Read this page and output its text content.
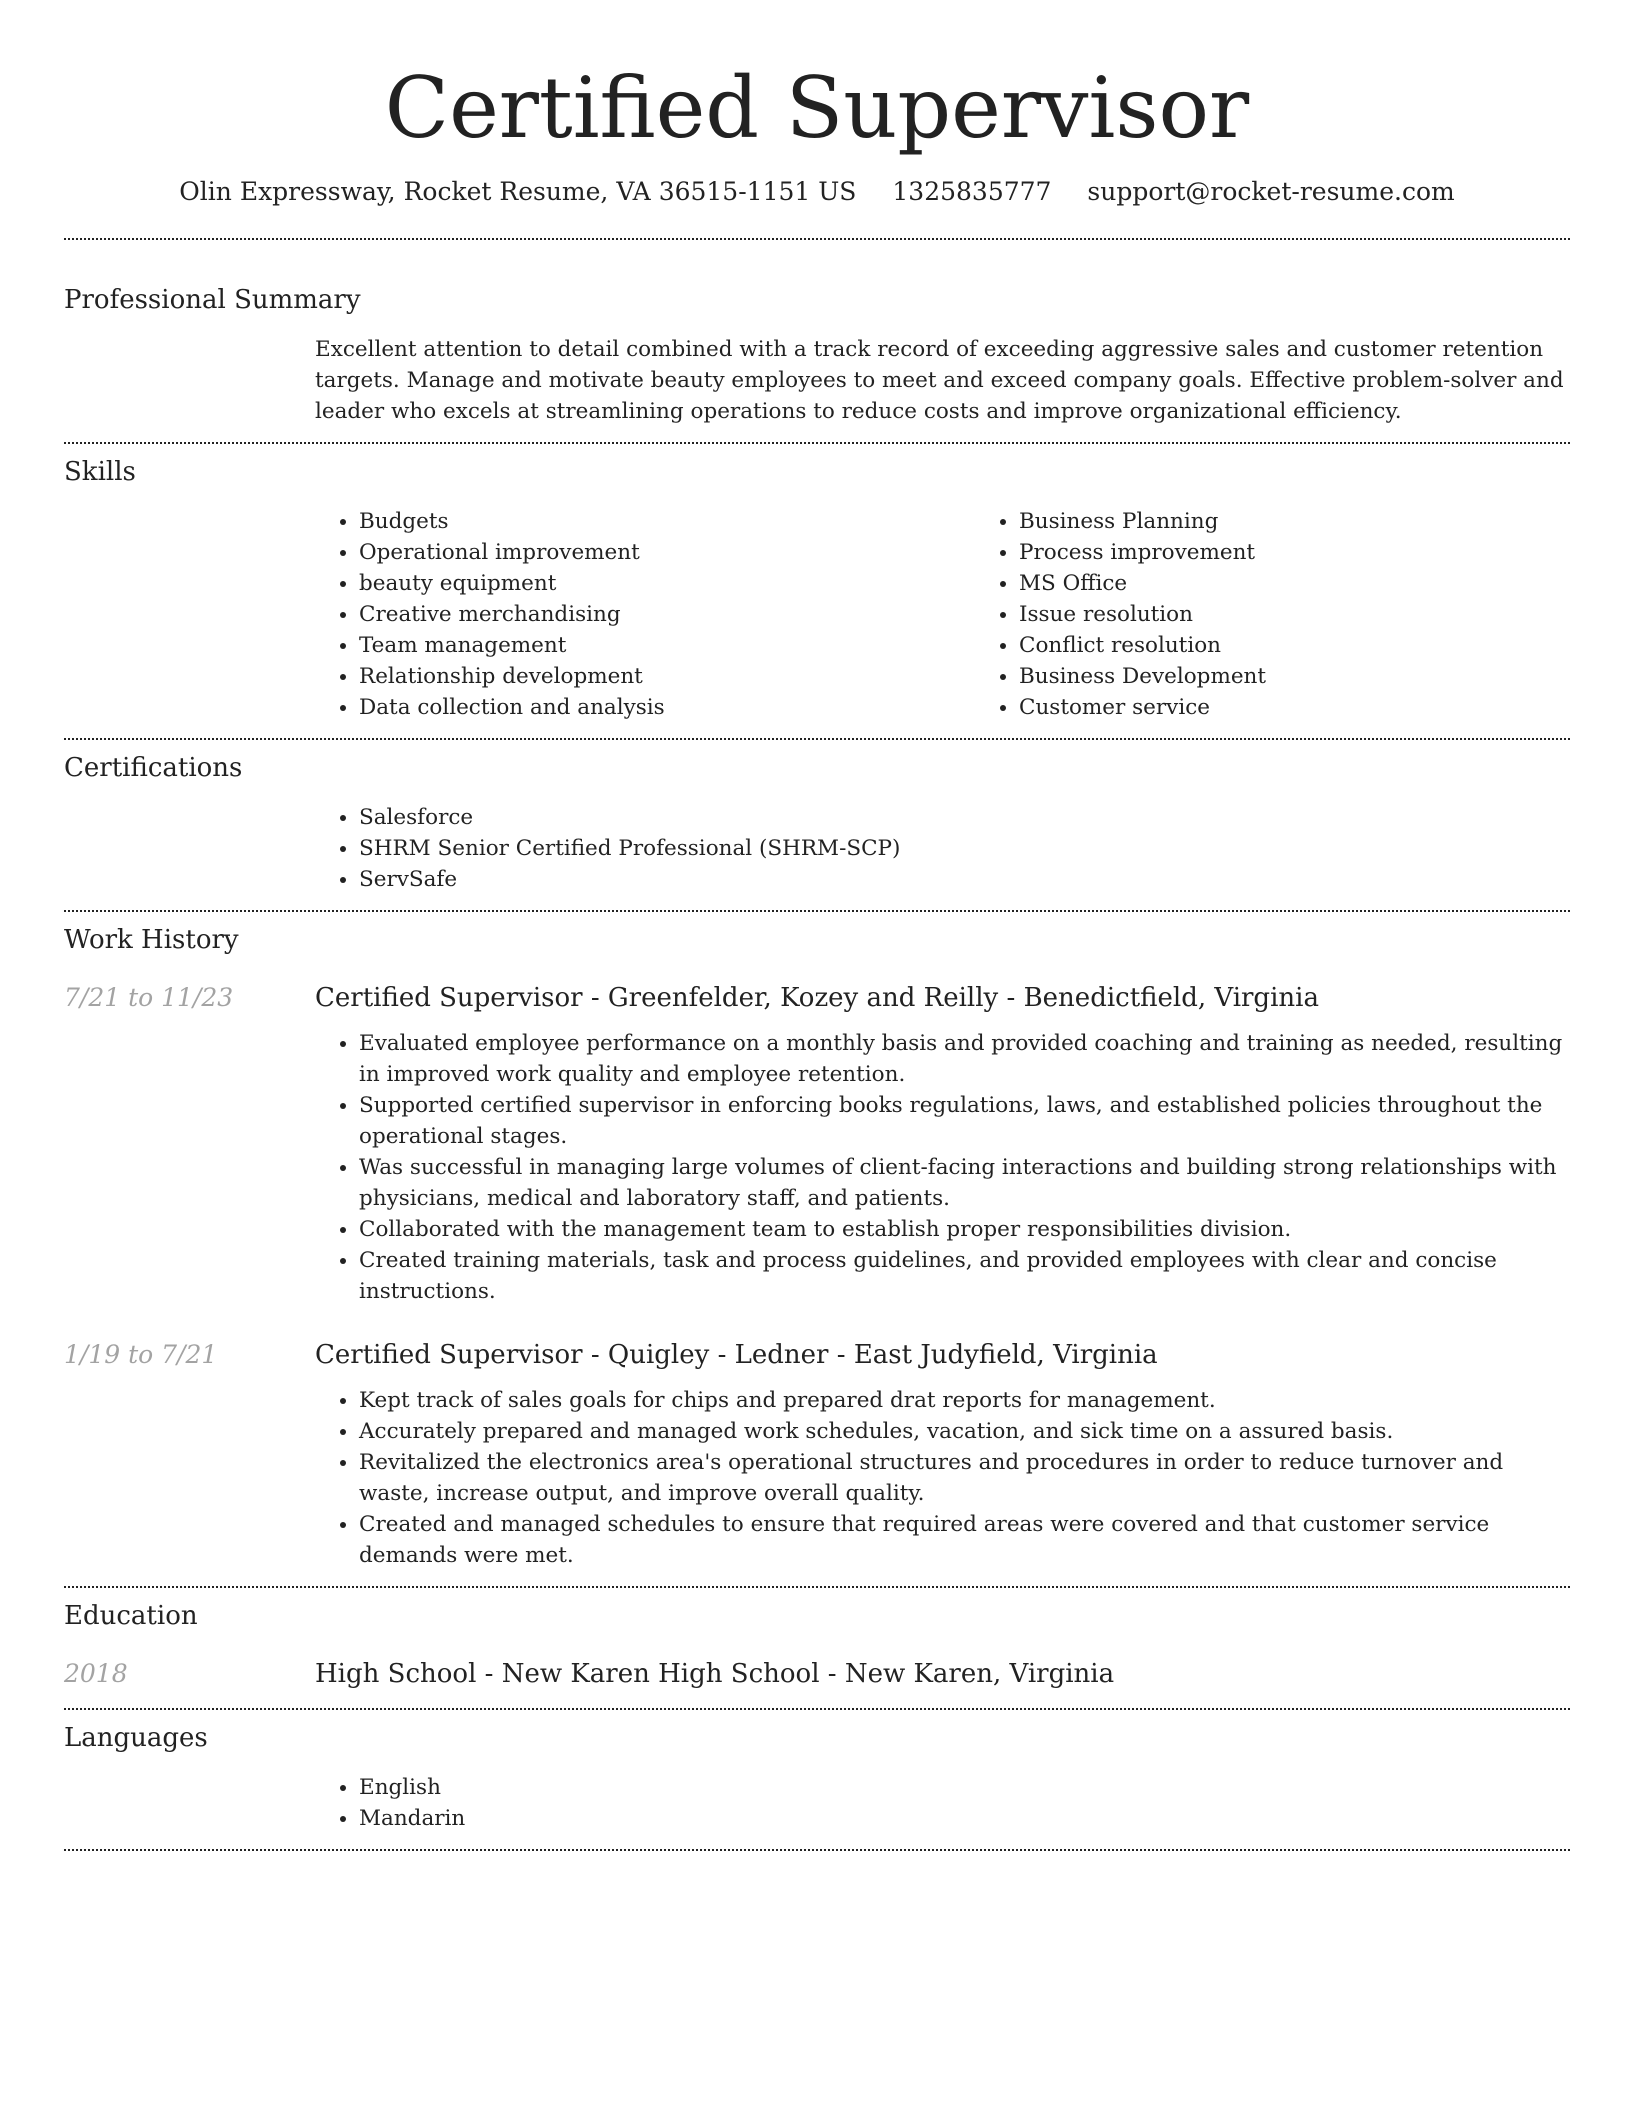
Certified Supervisor
Olin Expressway, Rocket Resume, VA 36515-1151 US 1325835777 support@rocket-resume.com
Professional Summary

Excellent attention to detail combined with a track record of exceeding aggressive sales and customer retention targets. Manage and motivate beauty employees to meet and exceed company goals. Effective problem-solver and leader who excels at streamlining operations to reduce costs and improve organizational efficiency.

Skills
• Budgets
• Operational improvement
• beauty equipment
• Creative merchandising
• Team management
• Relationship development
• Data collection and analysis
• Business Planning
• Process improvement
• MS Office
• Issue resolution
• Conflict resolution
• Business Development
• Customer service
Certifications
• Salesforce
• SHRM Senior Certified Professional (SHRM-SCP)
• ServSafe
Work History
7/21 to 11/23	Certified Supervisor - Greenfelder, Kozey and Reilly - Benedictfield, Virginia
• Evaluated employee performance on a monthly basis and provided coaching and training as needed, resulting in improved work quality and employee retention.
• Supported certified supervisor in enforcing books regulations, laws, and established policies throughout the operational stages.
• Was successful in managing large volumes of client-facing interactions and building strong relationships with physicians, medical and laboratory staff, and patients.
• Collaborated with the management team to establish proper responsibilities division.
• Created training materials, task and process guidelines, and provided employees with clear and concise instructions.
1/19 to 7/21	Certified Supervisor - Quigley - Ledner - East Judyfield, Virginia
• Kept track of sales goals for chips and prepared drat reports for management.
• Accurately prepared and managed work schedules, vacation, and sick time on a assured basis.
• Revitalized the electronics area's operational structures and procedures in order to reduce turnover and waste, increase output, and improve overall quality.
• Created and managed schedules to ensure that required areas were covered and that customer service demands were met.
Education
2018	High School - New Karen High School - New Karen, Virginia
Languages
• English
• Mandarin
